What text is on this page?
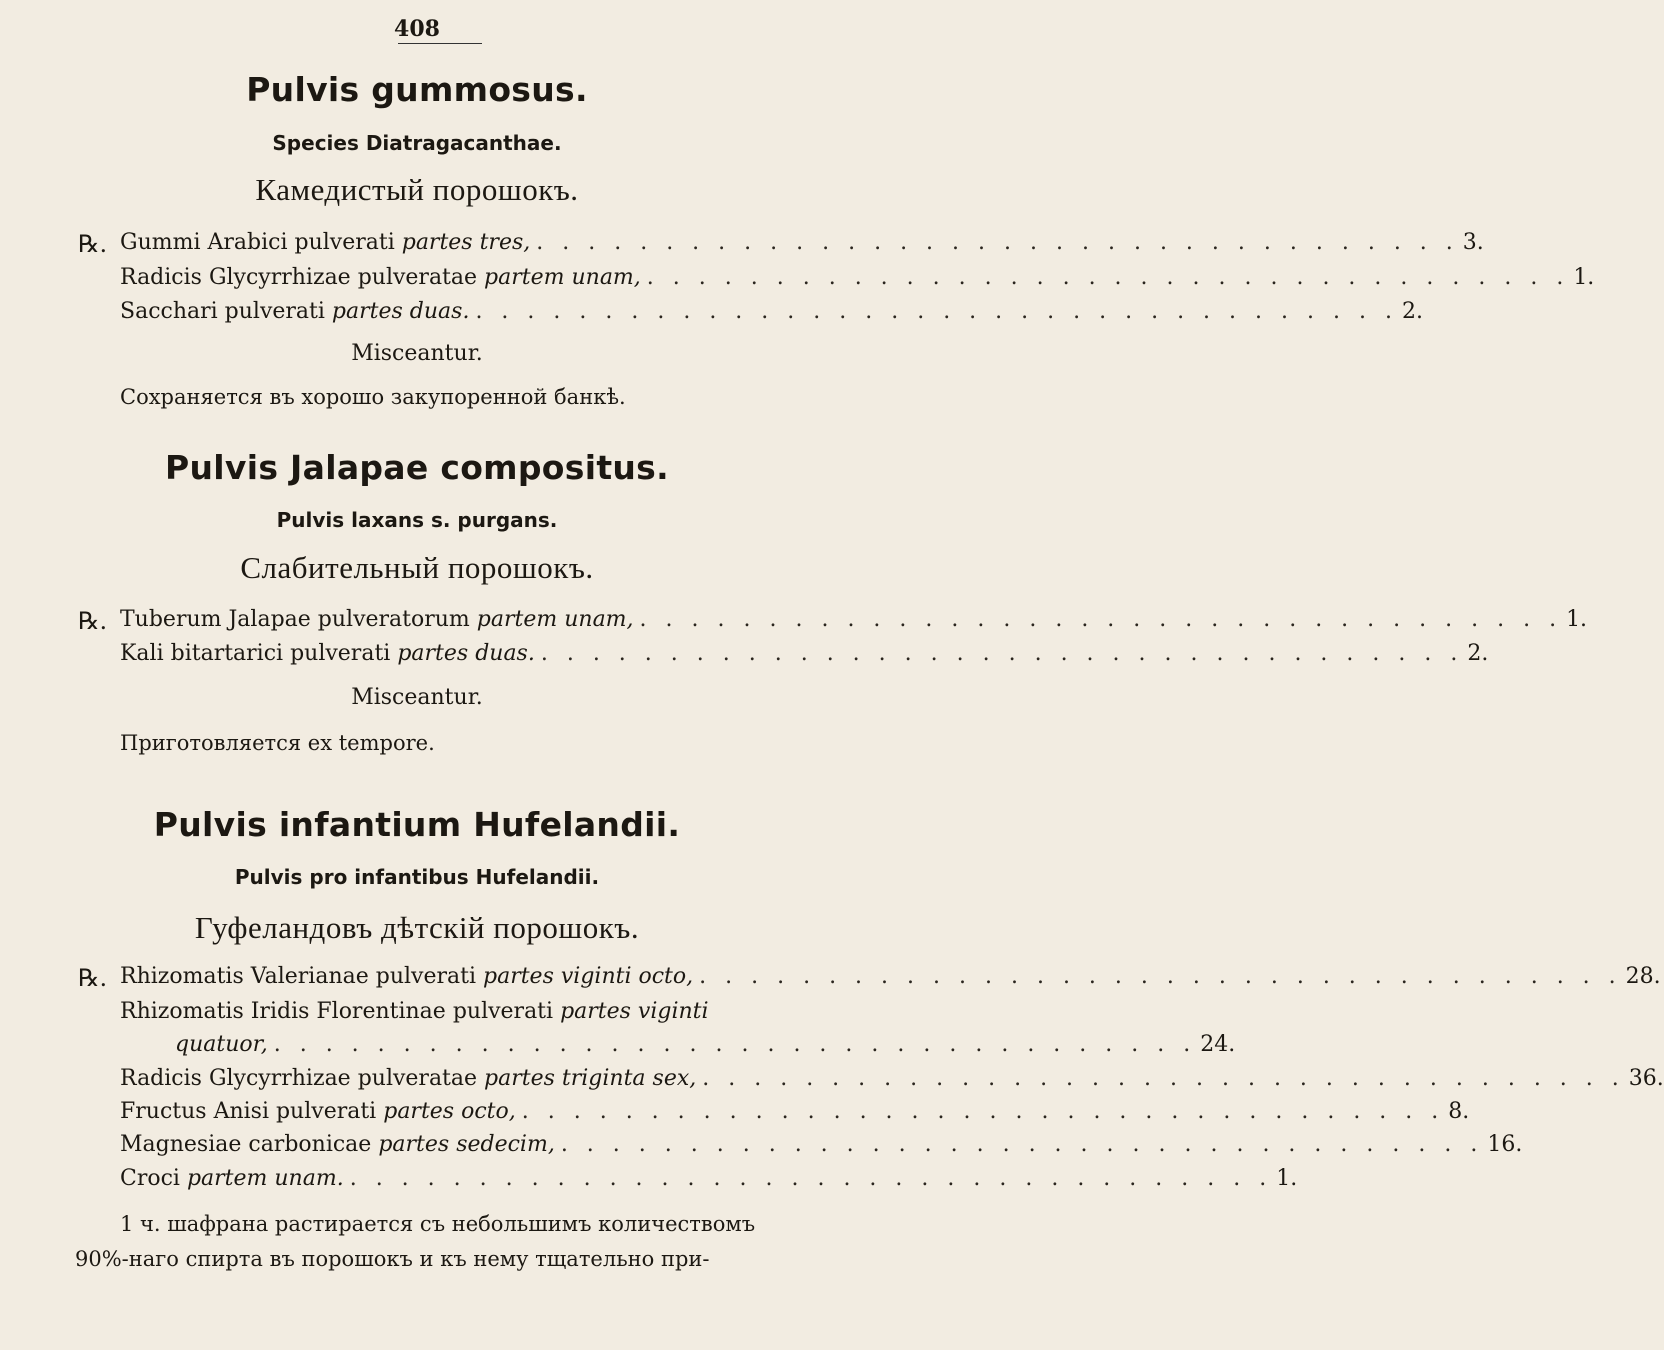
408
Pulvis gummosus.
Species Diatragacanthae.
Камедистый порошокъ.
℞. Gummi Arabici pulverati partes tres, . . . . . . . . . . . . . . . . . . . . . . . . . . . . . . . . . . . . 3.
Radicis Glycyrrhizae pulveratae partem unam, . . . . . . . . . . . . . . . . . . . . . . . . . . . . . . . . . . . . 1.
Sacchari pulverati partes duas. . . . . . . . . . . . . . . . . . . . . . . . . . . . . . . . . . . . . 2.
Misceantur.
Сохраняется въ хорошо закупоренной банкѣ.
Pulvis Jalapae compositus.
Pulvis laxans s. purgans.
Слабительный порошокъ.
℞. Tuberum Jalapae pulveratorum partem unam, . . . . . . . . . . . . . . . . . . . . . . . . . . . . . . . . . . . . 1.
Kali bitartarici pulverati partes duas. . . . . . . . . . . . . . . . . . . . . . . . . . . . . . . . . . . . . 2.
Misceantur.
Приготовляется ex tempore.
Pulvis infantium Hufelandii.
Pulvis pro infantibus Hufelandii.
Гуфеландовъ дѣтскій порошокъ.
℞. Rhizomatis Valerianae pulverati partes viginti octo, . . . . . . . . . . . . . . . . . . . . . . . . . . . . . . . . . . . . 28.
Rhizomatis Iridis Florentinae pulverati partes viginti
quatuor, . . . . . . . . . . . . . . . . . . . . . . . . . . . . . . . . . . . . 24.
Radicis Glycyrrhizae pulveratae partes triginta sex, . . . . . . . . . . . . . . . . . . . . . . . . . . . . . . . . . . . . 36.
Fructus Anisi pulverati partes octo, . . . . . . . . . . . . . . . . . . . . . . . . . . . . . . . . . . . . 8.
Magnesiae carbonicae partes sedecim, . . . . . . . . . . . . . . . . . . . . . . . . . . . . . . . . . . . . 16.
Croci partem unam. . . . . . . . . . . . . . . . . . . . . . . . . . . . . . . . . . . . . 1.
1 ч. шафрана растирается съ небольшимъ количествомъ
90%-наго спирта въ порошокъ и къ нему тщательно при-
